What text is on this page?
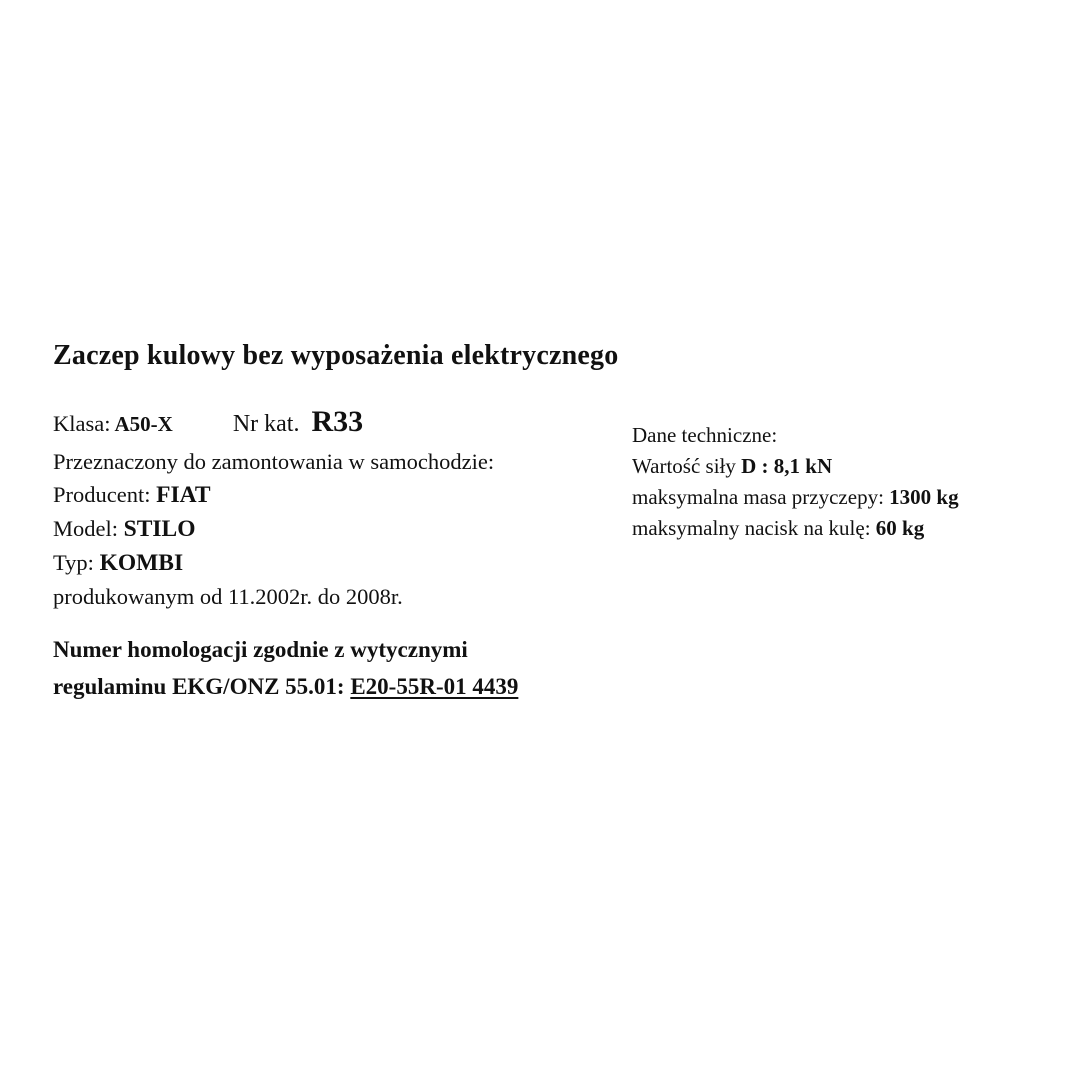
Zaczep kulowy bez wyposażenia elektrycznego
Klasa: A50-X	Nr kat. R33
Przeznaczony do zamontowania w samochodzie:
Producent: FIAT
Model: STILO
Typ: KOMBI
produkowanym od 11.2002r. do 2008r.
Dane techniczne:
Wartość siły D : 8,1 kN
maksymalna masa przyczepy: 1300 kg
maksymalny nacisk na kulę: 60 kg
Numer homologacji zgodnie z wytycznymi
regulaminu EKG/ONZ 55.01: E20-55R-01 4439
